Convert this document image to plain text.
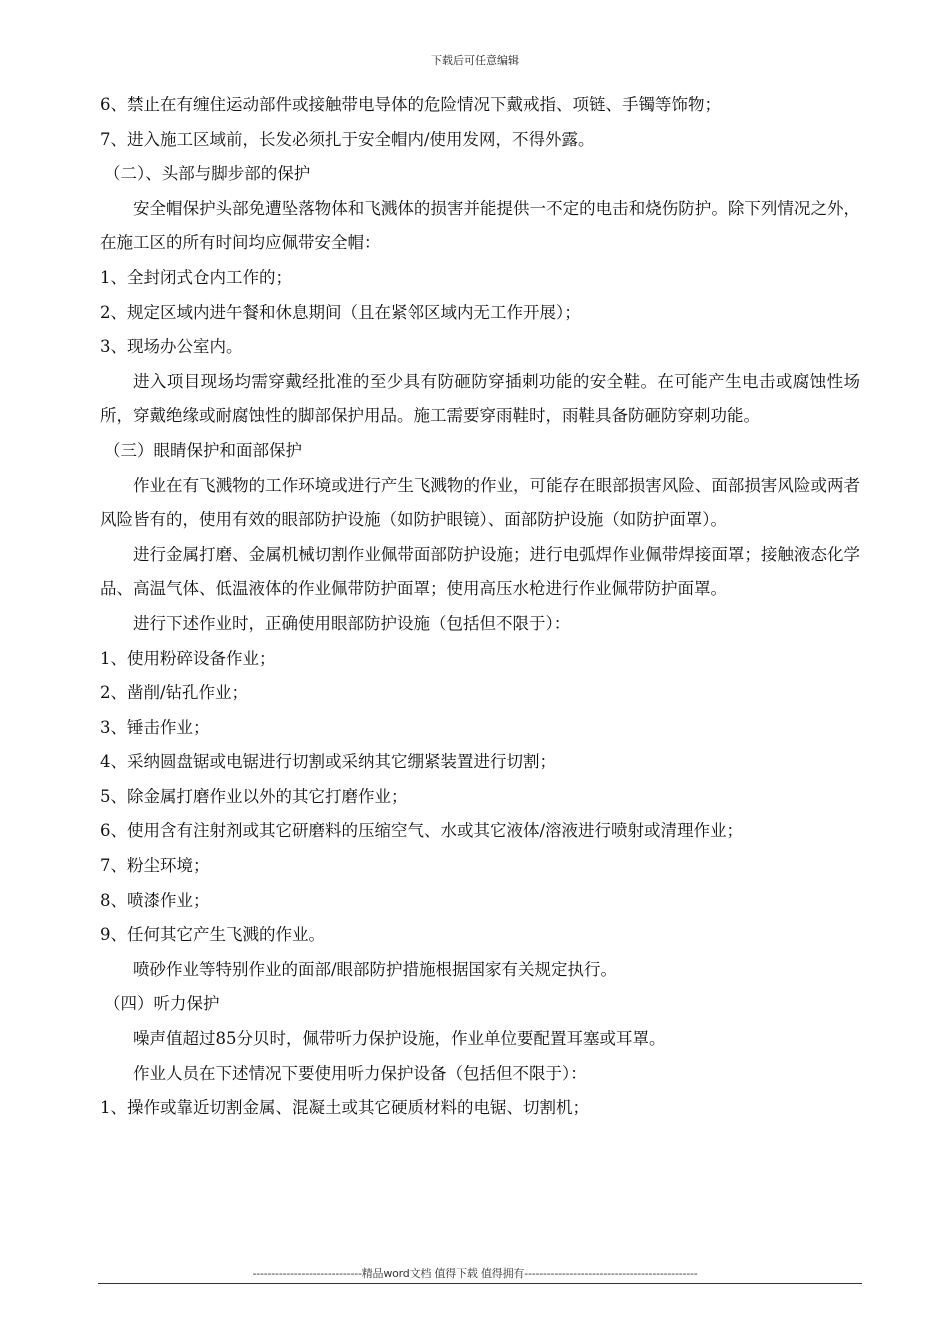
下载后可任意编辑

6、禁止在有缠住运动部件或接触带电导体的危险情况下戴戒指、项链、手镯等饰物；

7、进入施工区域前，长发必须扎于安全帽内/使用发网，不得外露。

（二）、头部与脚步部的保护

安全帽保护头部免遭坠落物体和飞溅体的损害并能提供一不定的电击和烧伤防护。除下列情况之外，在施工区的所有时间均应佩带安全帽：

1、全封闭式仓内工作的；

2、规定区域内进午餐和休息期间（且在紧邻区域内无工作开展）；

3、现场办公室内。

进入项目现场均需穿戴经批准的至少具有防砸防穿插刺功能的安全鞋。在可能产生电击或腐蚀性场所，穿戴绝缘或耐腐蚀性的脚部保护用品。施工需要穿雨鞋时，雨鞋具备防砸防穿刺功能。

（三）眼睛保护和面部保护

作业在有飞溅物的工作环境或进行产生飞溅物的作业，可能存在眼部损害风险、面部损害风险或两者风险皆有的，使用有效的眼部防护设施（如防护眼镜）、面部防护设施（如防护面罩）。

进行金属打磨、金属机械切割作业佩带面部防护设施；进行电弧焊作业佩带焊接面罩；接触液态化学品、高温气体、低温液体的作业佩带防护面罩；使用高压水枪进行作业佩带防护面罩。

进行下述作业时，正确使用眼部防护设施（包括但不限于）：

1、使用粉碎设备作业；

2、凿削/钻孔作业；

3、锤击作业；

4、采纳圆盘锯或电锯进行切割或采纳其它绷紧装置进行切割；

5、除金属打磨作业以外的其它打磨作业；

6、使用含有注射剂或其它研磨料的压缩空气、水或其它液体/溶液进行喷射或清理作业；

7、粉尘环境；

8、喷漆作业；

9、任何其它产生飞溅的作业。

喷砂作业等特别作业的面部/眼部防护措施根据国家有关规定执行。

（四）听力保护

噪声值超过85分贝时，佩带听力保护设施，作业单位要配置耳塞或耳罩。

作业人员在下述情况下要使用听力保护设备（包括但不限于）：

1、操作或靠近切割金属、混凝土或其它硬质材料的电锯、切割机；

-----------------------------精品word文档 值得下载 值得拥有----------------------------------------------
